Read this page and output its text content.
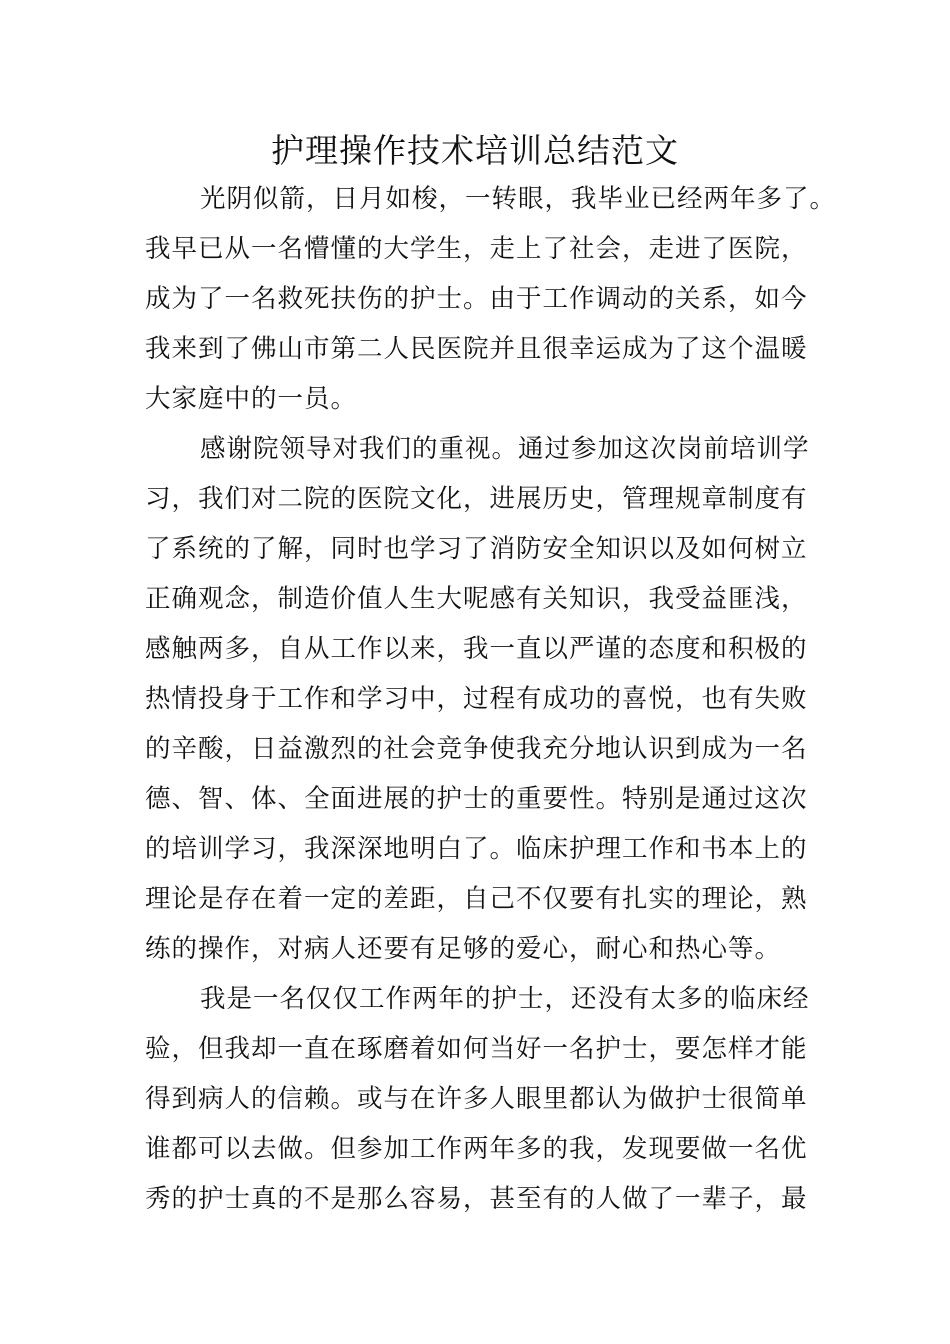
护理操作技术培训总结范文
光阴似箭，日月如梭，一转眼，我毕业已经两年多了。
我早已从一名懵懂的大学生，走上了社会，走进了医院，
成为了一名救死扶伤的护士。由于工作调动的关系，如今
我来到了佛山市第二人民医院并且很幸运成为了这个温暖
大家庭中的一员。
感谢院领导对我们的重视。通过参加这次岗前培训学
习，我们对二院的医院文化，进展历史，管理规章制度有
了系统的了解，同时也学习了消防安全知识以及如何树立
正确观念，制造价值人生大呢感有关知识，我受益匪浅，
感触两多，自从工作以来，我一直以严谨的态度和积极的
热情投身于工作和学习中，过程有成功的喜悦，也有失败
的辛酸，日益激烈的社会竞争使我充分地认识到成为一名
德、智、体、全面进展的护士的重要性。特别是通过这次
的培训学习，我深深地明白了。临床护理工作和书本上的
理论是存在着一定的差距，自己不仅要有扎实的理论，熟
练的操作，对病人还要有足够的爱心，耐心和热心等。
我是一名仅仅工作两年的护士，还没有太多的临床经
验，但我却一直在琢磨着如何当好一名护士，要怎样才能
得到病人的信赖。或与在许多人眼里都认为做护士很简单
谁都可以去做。但参加工作两年多的我，发现要做一名优
秀的护士真的不是那么容易，甚至有的人做了一辈子，最
